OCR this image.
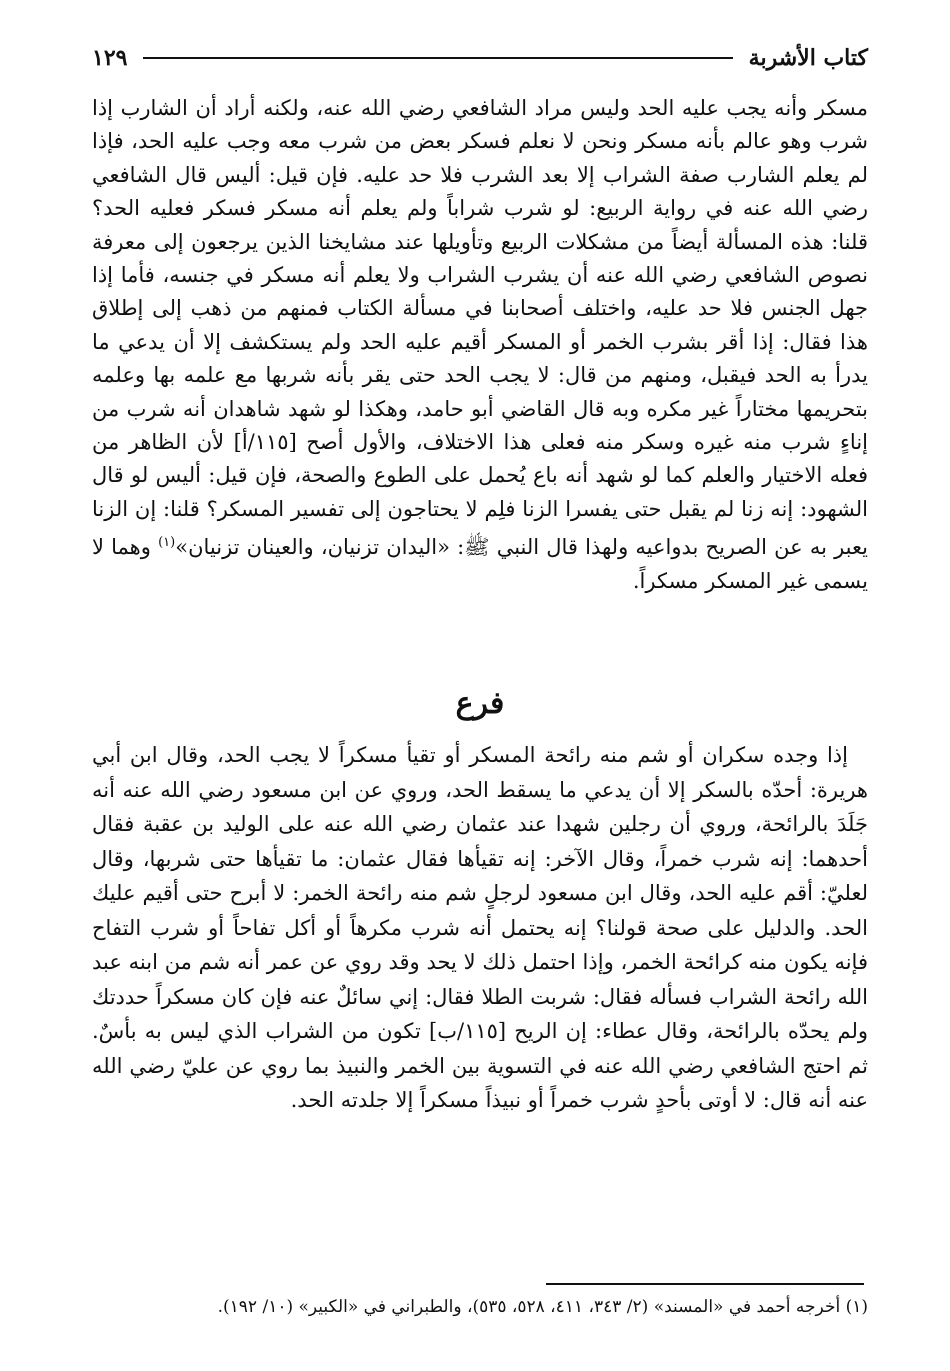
كتاب الأشربة
١٢٩

مسكر وأنه يجب عليه الحد وليس مراد الشافعي رضي الله عنه، ولكنه أراد أن الشارب إذا شرب وهو عالم بأنه مسكر ونحن لا نعلم فسكر بعض من شرب معه وجب عليه الحد، فإذا لم يعلم الشارب صفة الشراب إلا بعد الشرب فلا حد عليه. فإن قيل: أليس قال الشافعي رضي الله عنه في رواية الربيع: لو شرب شراباً ولم يعلم أنه مسكر فسكر فعليه الحد؟ قلنا: هذه المسألة أيضاً من مشكلات الربيع وتأويلها عند مشايخنا الذين يرجعون إلى معرفة نصوص الشافعي رضي الله عنه أن يشرب الشراب ولا يعلم أنه مسكر في جنسه، فأما إذا جهل الجنس فلا حد عليه، واختلف أصحابنا في مسألة الكتاب فمنهم من ذهب إلى إطلاق هذا فقال: إذا أقر بشرب الخمر أو المسكر أقيم عليه الحد ولم يستكشف إلا أن يدعي ما يدرأ به الحد فيقبل، ومنهم من قال: لا يجب الحد حتى يقر بأنه شربها مع علمه بها وعلمه بتحريمها مختاراً غير مكره وبه قال القاضي أبو حامد، وهكذا لو شهد شاهدان أنه شرب من إناءٍ شرب منه غيره وسكر منه فعلى هذا الاختلاف، والأول أصح [١١٥/أ] لأن الظاهر من فعله الاختيار والعلم كما لو شهد أنه باع يُحمل على الطوع والصحة، فإن قيل: أليس لو قال الشهود: إنه زنا لم يقبل حتى يفسرا الزنا فلِم لا يحتاجون إلى تفسير المسكر؟ قلنا: إن الزنا يعبر به عن الصريح بدواعيه ولهذا قال النبي ﷺ: «اليدان تزنيان، والعينان تزنيان»$^{(١)}$ وهما لا يسمى غير المسكر مسكراً.

فرع

إذا وجده سكران أو شم منه رائحة المسكر أو تقيأ مسكراً لا يجب الحد، وقال ابن أبي هريرة: أحدّه بالسكر إلا أن يدعي ما يسقط الحد، وروي عن ابن مسعود رضي الله عنه أنه جَلَدَ بالرائحة، وروي أن رجلين شهدا عند عثمان رضي الله عنه على الوليد بن عقبة فقال أحدهما: إنه شرب خمراً، وقال الآخر: إنه تقيأها فقال عثمان: ما تقيأها حتى شربها، وقال لعليّ: أقم عليه الحد، وقال ابن مسعود لرجلٍ شم منه رائحة الخمر: لا أبرح حتى أقيم عليك الحد. والدليل على صحة قولنا؟ إنه يحتمل أنه شرب مكرهاً أو أكل تفاحاً أو شرب التفاح فإنه يكون منه كرائحة الخمر، وإذا احتمل ذلك لا يحد وقد روي عن عمر أنه شم من ابنه عبد الله رائحة الشراب فسأله فقال: شربت الطلا فقال: إني سائلٌ عنه فإن كان مسكراً حددتك ولم يحدّه بالرائحة، وقال عطاء: إن الريح [١١٥/ب] تكون من الشراب الذي ليس به بأسٌ. ثم احتج الشافعي رضي الله عنه في التسوية بين الخمر والنبيذ بما روي عن عليّ رضي الله عنه أنه قال: لا أوتى بأحدٍ شرب خمراً أو نبيذاً مسكراً إلا جلدته الحد.

(١) أخرجه أحمد في «المسند» (٢/ ٣٤٣، ٤١١، ٥٢٨، ٥٣٥)، والطبراني في «الكبير» (١٠/ ١٩٢).
